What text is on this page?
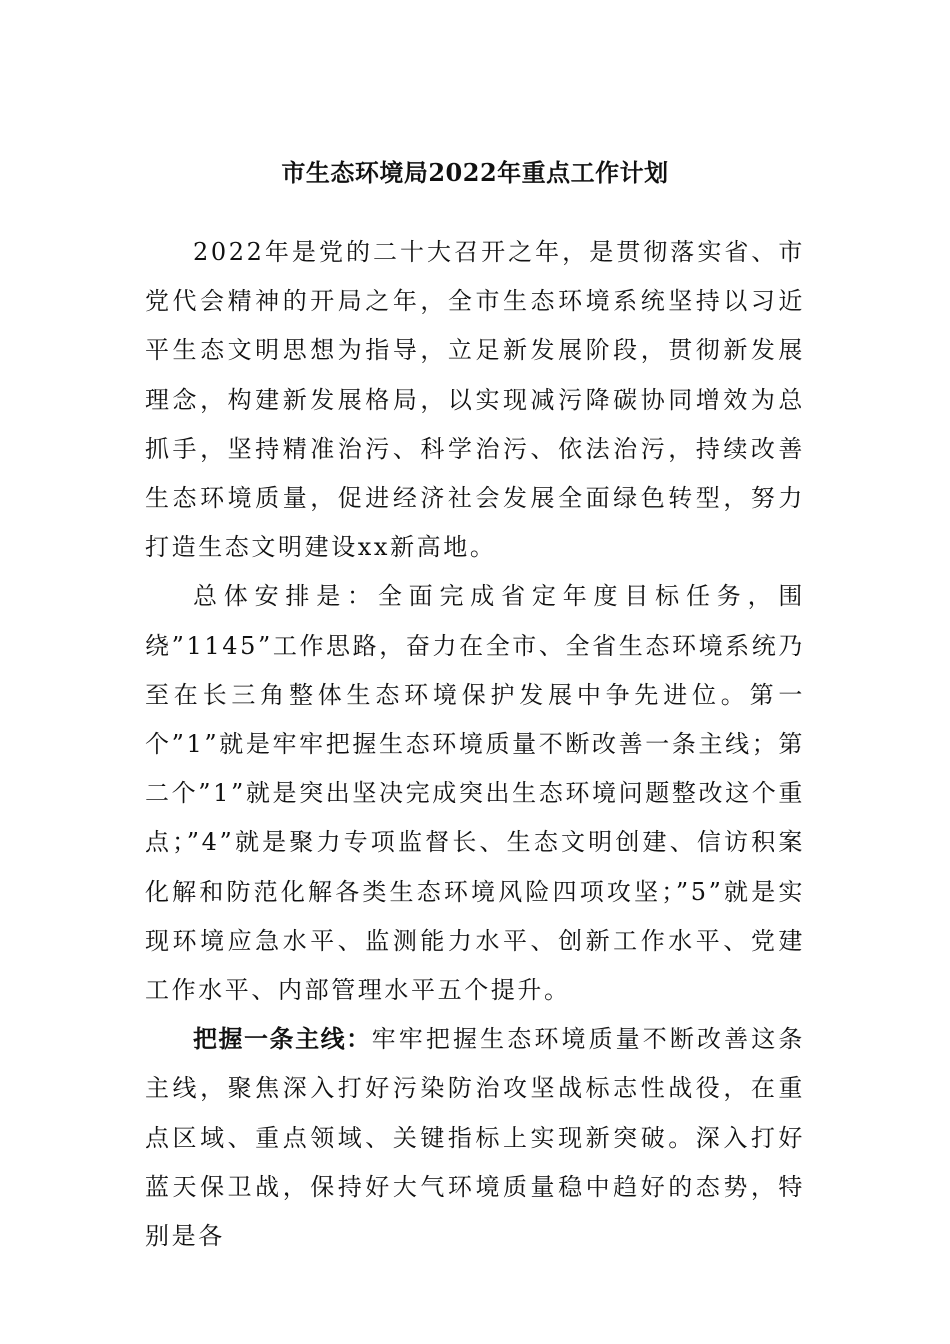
市生态环境局2022年重点工作计划

2022年是党的二十大召开之年，是贯彻落实省、市党代会精神的开局之年，全市生态环境系统坚持以习近平生态文明思想为指导，立足新发展阶段，贯彻新发展理念，构建新发展格局，以实现减污降碳协同增效为总抓手，坚持精准治污、科学治污、依法治污，持续改善生态环境质量，促进经济社会发展全面绿色转型，努力打造生态文明建设xx新高地。

总体安排是：全面完成省定年度目标任务，围绕”1145”工作思路，奋力在全市、全省生态环境系统乃至在长三角整体生态环境保护发展中争先进位。第一个”1”就是牢牢把握生态环境质量不断改善一条主线；第二个”1”就是突出坚决完成突出生态环境问题整改这个重点；”4”就是聚力专项监督长、生态文明创建、信访积案化解和防范化解各类生态环境风险四项攻坚；”5”就是实现环境应急水平、监测能力水平、创新工作水平、党建工作水平、内部管理水平五个提升。

把握一条主线：牢牢把握生态环境质量不断改善这条主线，聚焦深入打好污染防治攻坚战标志性战役，在重点区域、重点领域、关键指标上实现新突破。深入打好蓝天保卫战，保持好大气环境质量稳中趋好的态势，特别是各
